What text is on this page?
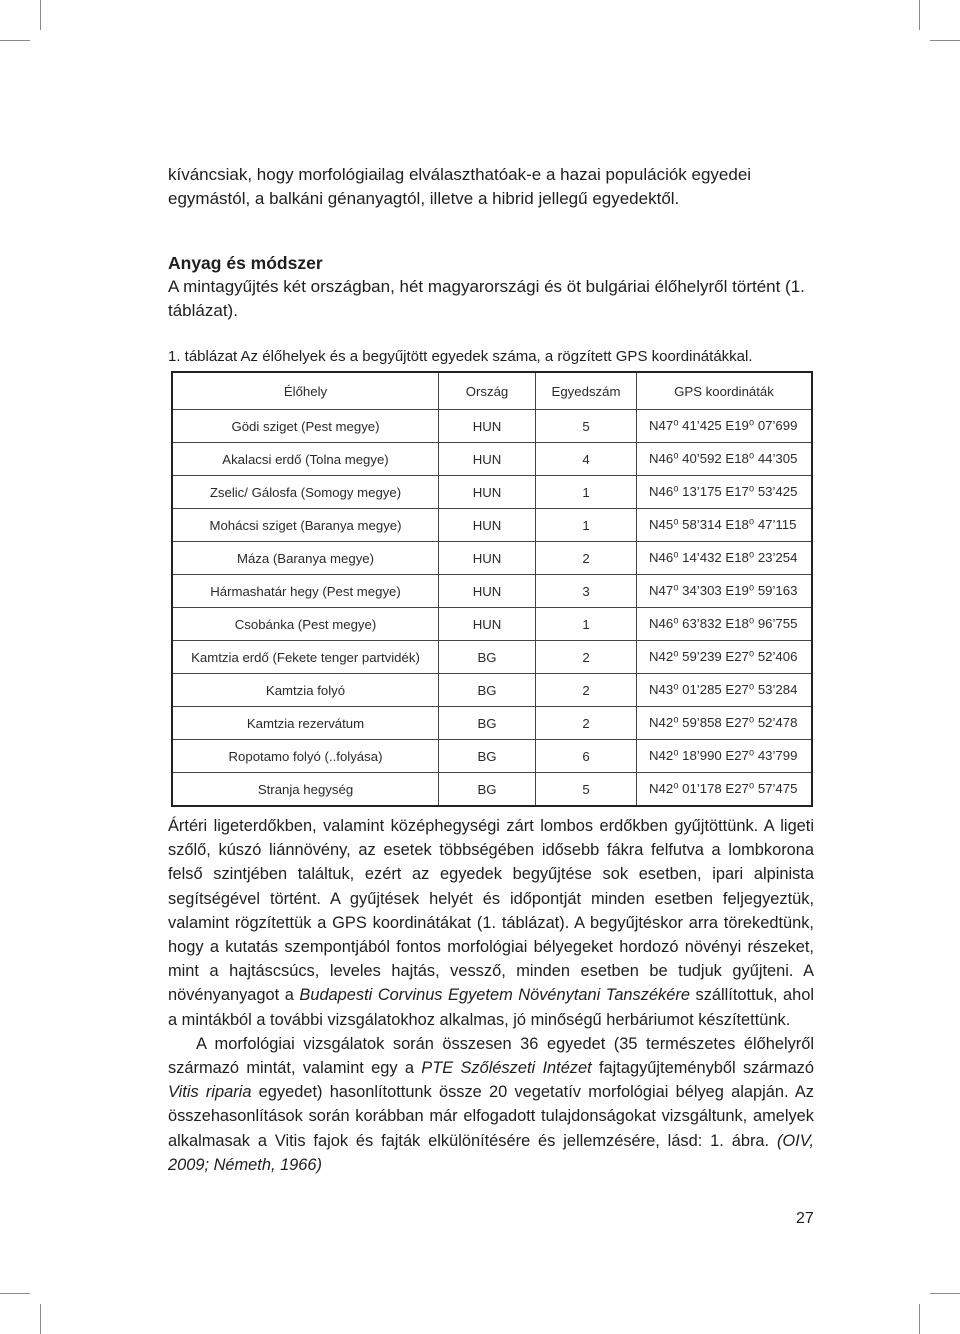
kíváncsiak, hogy morfológiailag elválaszthatóak-e a hazai populációk egyedei egymástól, a balkáni génanyagtól, illetve a hibrid jellegű egyedektől.
Anyag és módszer
A mintagyűjtés két országban, hét magyarországi és öt bulgáriai élőhelyről történt (1. táblázat).
1. táblázat Az élőhelyek és a begyűjtött egyedek száma, a rögzített GPS koordinátákkal.
Élőhely	Ország	Egyedszám	GPS koordináták
Gödi sziget (Pest megye)	HUN	5	N47⁰ 41’425 E19⁰ 07’699
Akalacsi erdő (Tolna megye)	HUN	4	N46⁰ 40’592 E18⁰ 44’305
Zselic/ Gálosfa (Somogy megye)	HUN	1	N46⁰ 13’175 E17⁰ 53’425
Mohácsi sziget (Baranya megye)	HUN	1	N45⁰ 58’314 E18⁰ 47’115
Máza (Baranya megye)	HUN	2	N46⁰ 14’432 E18⁰ 23’254
Hármashatár hegy (Pest megye)	HUN	3	N47⁰ 34’303 E19⁰ 59’163
Csobánka (Pest megye)	HUN	1	N46⁰ 63’832 E18⁰ 96’755
Kamtzia erdő (Fekete tenger partvidék)	BG	2	N42⁰ 59’239 E27⁰ 52’406
Kamtzia folyó	BG	2	N43⁰ 01’285 E27⁰ 53’284
Kamtzia rezervátum	BG	2	N42⁰ 59’858 E27⁰ 52’478
Ropotamo folyó (..folyása)	BG	6	N42⁰ 18’990 E27⁰ 43’799
Stranja hegység	BG	5	N42⁰ 01’178 E27⁰ 57’475

Ártéri ligeterdőkben, valamint középhegységi zárt lombos erdőkben gyűjtöttünk. A ligeti szőlő, kúszó liánnövény, az esetek többségében idősebb fákra felfutva a lombkorona felső szintjében találtuk, ezért az egyedek begyűjtése sok esetben, ipari alpinista segítségével történt. A gyűjtések helyét és időpontját minden esetben feljegyeztük, valamint rögzítettük a GPS koordinátákat (1. táblázat). A begyűjtéskor arra törekedtünk, hogy a kutatás szempontjából fontos morfológiai bélyegeket hordozó növényi részeket, mint a hajtáscsúcs, leveles hajtás, vessző, minden esetben be tudjuk gyűjteni. A növényanyagot a Budapesti Corvinus Egyetem Növénytani Tanszékére szállítottuk, ahol a mintákból a további vizsgálatokhoz alkalmas, jó minőségű herbáriumot készítettünk.

A morfológiai vizsgálatok során összesen 36 egyedet (35 természetes élőhelyről származó mintát, valamint egy a PTE Szőlészeti Intézet fajtagyűjteményből származó Vitis riparia egyedet) hasonlítottunk össze 20 vegetatív morfológiai bélyeg alapján. Az összehasonlítások során korábban már elfogadott tulajdonságokat vizsgáltunk, amelyek alkalmasak a Vitis fajok és fajták elkülönítésére és jellemzésére, lásd: 1. ábra. (OIV, 2009; Németh, 1966)

27
